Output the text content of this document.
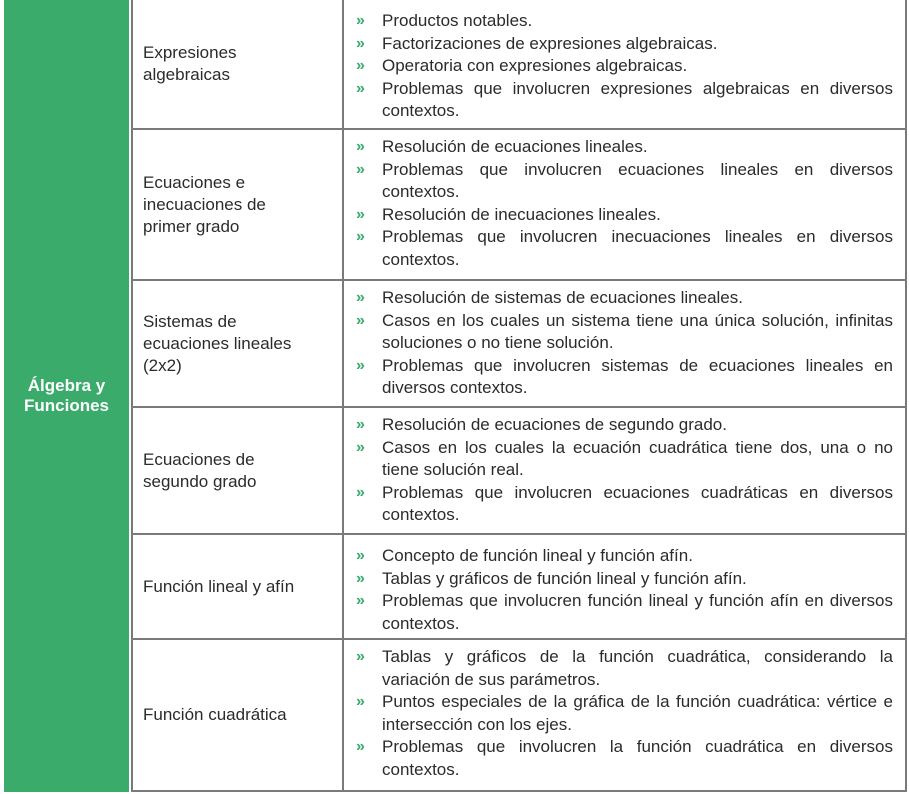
Álgebra y
Funciones
Expresiones
algebraicas
» Productos notables.
» Factorizaciones de expresiones algebraicas.
» Operatoria con expresiones algebraicas.
» Problemas que involucren expresiones algebraicas en diversos contextos.
Ecuaciones e
inecuaciones de
primer grado
» Resolución de ecuaciones lineales.
» Problemas que involucren ecuaciones lineales en diversos contextos.
» Resolución de inecuaciones lineales.
» Problemas que involucren inecuaciones lineales en diversos contextos.
Sistemas de
ecuaciones lineales
(2x2)
» Resolución de sistemas de ecuaciones lineales.
» Casos en los cuales un sistema tiene una única solución, infinitas soluciones o no tiene solución.
» Problemas que involucren sistemas de ecuaciones lineales en diversos contextos.
Ecuaciones de
segundo grado
» Resolución de ecuaciones de segundo grado.
» Casos en los cuales la ecuación cuadrática tiene dos, una o no tiene solución real.
» Problemas que involucren ecuaciones cuadráticas en diversos contextos.
Función lineal y afín
» Concepto de función lineal y función afín.
» Tablas y gráficos de función lineal y función afín.
» Problemas que involucren función lineal y función afín en diversos contextos.
Función cuadrática
» Tablas y gráficos de la función cuadrática, considerando la variación de sus parámetros.
» Puntos especiales de la gráfica de la función cuadrática: vértice e intersección con los ejes.
» Problemas que involucren la función cuadrática en diversos contextos.
